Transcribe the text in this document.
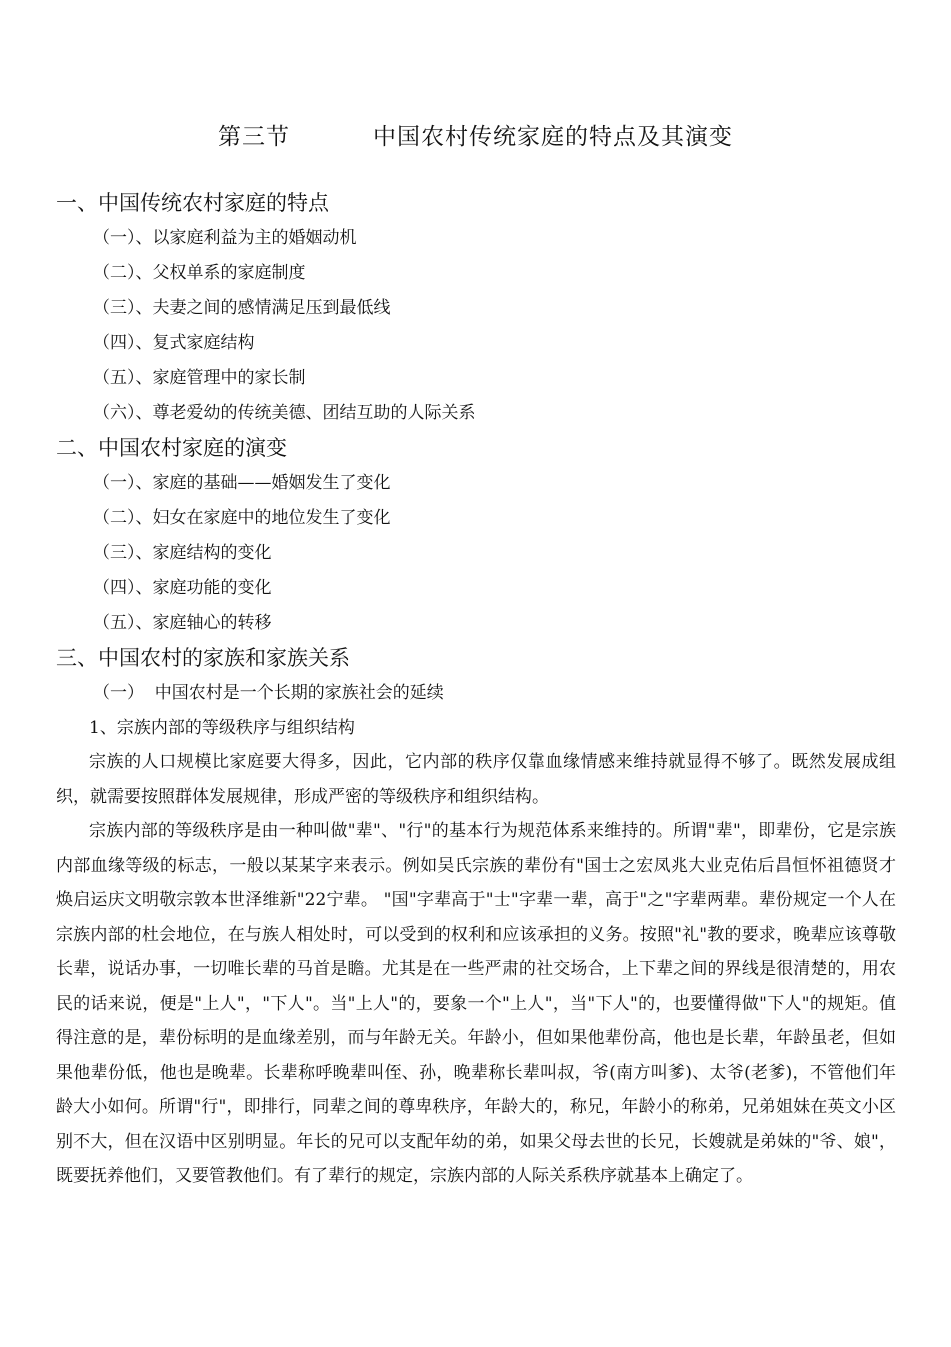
第三节          中国农村传统家庭的特点及其演变
一、中国传统农村家庭的特点
（一）、以家庭利益为主的婚姻动机
（二）、父权单系的家庭制度
（三）、夫妻之间的感情满足压到最低线
（四）、复式家庭结构
（五）、家庭管理中的家长制
（六）、尊老爱幼的传统美德、团结互助的人际关系
二、中国农村家庭的演变
（一）、家庭的基础——婚姻发生了变化
（二）、妇女在家庭中的地位发生了变化
（三）、家庭结构的变化
（四）、家庭功能的变化
（五）、家庭轴心的转移
三、中国农村的家族和家族关系
（一）  中国农村是一个长期的家族社会的延续
1、宗族内部的等级秩序与组织结构

宗族的人口规模比家庭要大得多，因此，它内部的秩序仅靠血缘情感来维持就显得不够了。既然发展成组织，就需要按照群体发展规律，形成严密的等级秩序和组织结构。

宗族内部的等级秩序是由一种叫做"辈"、"行"的基本行为规范体系来维持的。所谓"辈"，即辈份，它是宗族内部血缘等级的标志，一般以某某字来表示。例如吴氏宗族的辈份有"国士之宏凤兆大业克佑后昌恒怀祖德贤才焕启运庆文明敬宗敦本世泽维新"22宁辈。 "国"字辈高于"士"字辈一辈，高于"之"字辈两辈。辈份规定一个人在宗族内部的杜会地位，在与族人相处时，可以受到的权利和应该承担的义务。按照"礼"教的要求，晚辈应该尊敬长辈，说话办事，一切唯长辈的马首是瞻。尤其是在一些严肃的社交场合，上下辈之间的界线是很清楚的，用农民的话来说，便是"上人"，"下人"。当"上人"的，要象一个"上人"，当"下人"的，也要懂得做"下人"的规矩。值得注意的是，辈份标明的是血缘差别，而与年龄无关。年龄小，但如果他辈份高，他也是长辈，年龄虽老，但如果他辈份低，他也是晚辈。长辈称呼晚辈叫侄、孙，晚辈称长辈叫叔，爷(南方叫爹)、太爷(老爹)，不管他们年龄大小如何。所谓"行"，即排行，同辈之间的尊卑秩序，年龄大的，称兄，年龄小的称弟，兄弟姐妹在英文小区别不大，但在汉语中区别明显。年长的兄可以支配年幼的弟，如果父母去世的长兄，长嫂就是弟妹的"爷、娘"，既要抚养他们，又要管教他们。有了辈行的规定，宗族内部的人际关系秩序就基本上确定了。
